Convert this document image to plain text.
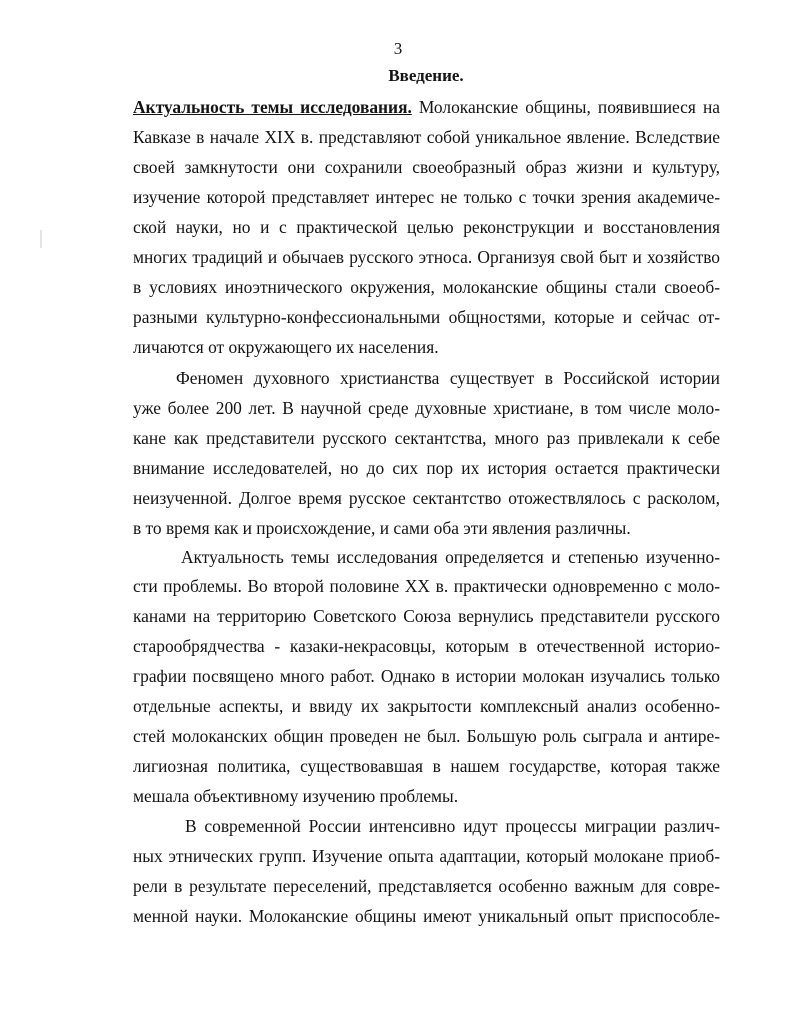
3
Введение.
Актуальность темы исследования. Молоканские общины, появившиеся на
Кавказе в начале XIX в. представляют собой уникальное явление. Вследствие
своей замкнутости они сохранили своеобразный образ жизни и культуру,
изучение которой представляет интерес не только с точки зрения академиче-
ской науки, но и с практической целью реконструкции и восстановления
многих традиций и обычаев русского этноса. Организуя свой быт и хозяйство
в условиях иноэтнического окружения, молоканские общины стали своеоб-
разными культурно-конфессиональными общностями, которые и сейчас от-
личаются от окружающего их населения.
Феномен духовного христианства существует в Российской истории
уже более 200 лет. В научной среде духовные христиане, в том числе моло-
кане как представители русского сектантства, много раз привлекали к себе
внимание исследователей, но до сих пор их история остается практически
неизученной. Долгое время русское сектантство отожествлялось с расколом,
в то время как и происхождение, и сами оба эти явления различны.
Актуальность темы исследования определяется и степенью изученно-
сти проблемы. Во второй половине XX в. практически одновременно с моло-
канами на территорию Советского Союза вернулись представители русского
старообрядчества - казаки-некрасовцы, которым в отечественной историо-
графии посвящено много работ. Однако в истории молокан изучались только
отдельные аспекты, и ввиду их закрытости комплексный анализ особенно-
стей молоканских общин проведен не был. Большую роль сыграла и антире-
лигиозная политика, существовавшая в нашем государстве, которая также
мешала объективному изучению проблемы.
В современной России интенсивно идут процессы миграции различ-
ных этнических групп. Изучение опыта адаптации, который молокане приоб-
рели в результате переселений, представляется особенно важным для совре-
менной науки. Молоканские общины имеют уникальный опыт приспособле-
